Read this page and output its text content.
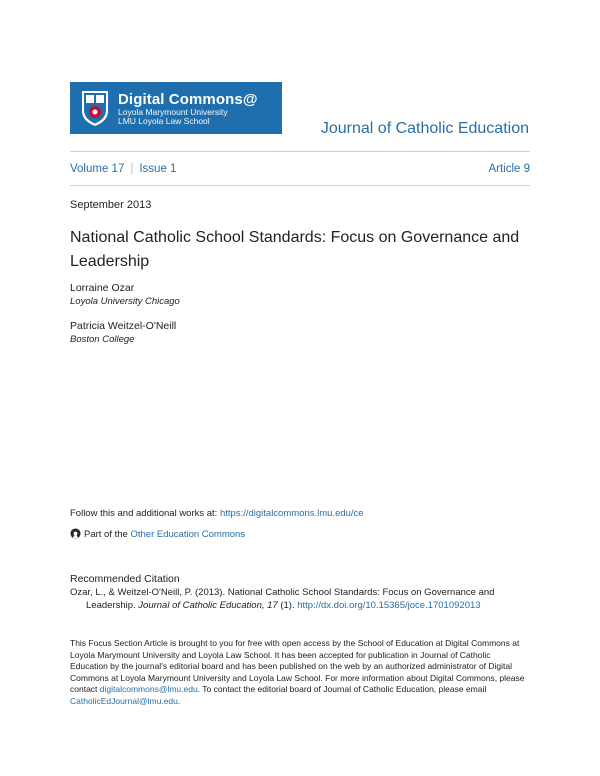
Digital Commons@
Loyola Marymount University
LMU Loyola Law School	Journal of Catholic Education
Volume 17 | Issue 1	Article 9
September 2013
National Catholic School Standards: Focus on Governance and Leadership
Lorraine Ozar
Loyola University Chicago
Patricia Weitzel-O'Neill
Boston College
Follow this and additional works at: https://digitalcommons.lmu.edu/ce
Part of the Other Education Commons
Recommended Citation
Ozar, L., & Weitzel-O'Neill, P. (2013). National Catholic School Standards: Focus on Governance and
Leadership. Journal of Catholic Education, 17 (1). http://dx.doi.org/10.15365/joce.1701092013
This Focus Section Article is brought to you for free with open access by the School of Education at Digital Commons at Loyola Marymount University and Loyola Law School. It has been accepted for publication in Journal of Catholic Education by the journal's editorial board and has been published on the web by an authorized administrator of Digital Commons at Loyola Marymount University and Loyola Law School. For more information about Digital Commons, please contact digitalcommons@lmu.edu. To contact the editorial board of Journal of Catholic Education, please email CatholicEdJournal@lmu.edu.
